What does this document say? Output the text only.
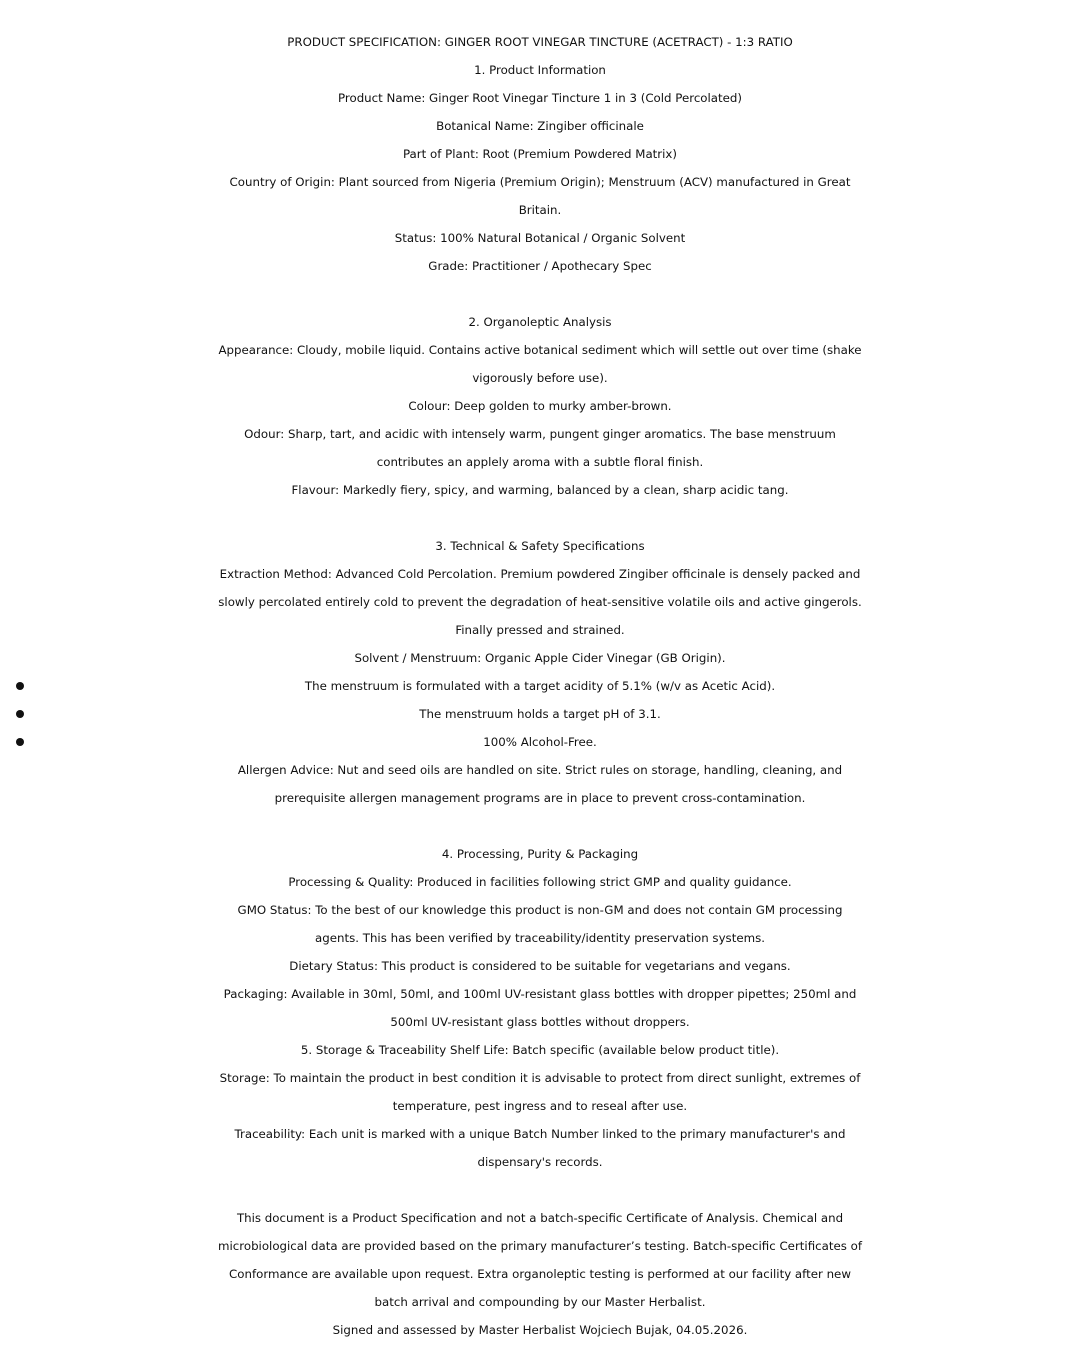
PRODUCT SPECIFICATION: GINGER ROOT VINEGAR TINCTURE (ACETRACT) - 1:3 RATIO

1. Product Information

Product Name: Ginger Root Vinegar Tincture 1 in 3 (Cold Percolated)

Botanical Name: Zingiber officinale

Part of Plant: Root (Premium Powdered Matrix)

Country of Origin: Plant sourced from Nigeria (Premium Origin); Menstruum (ACV) manufactured in Great

Britain.

Status: 100% Natural Botanical / Organic Solvent

Grade: Practitioner / Apothecary Spec

2. Organoleptic Analysis

Appearance: Cloudy, mobile liquid. Contains active botanical sediment which will settle out over time (shake

vigorously before use).

Colour: Deep golden to murky amber-brown.

Odour: Sharp, tart, and acidic with intensely warm, pungent ginger aromatics. The base menstruum

contributes an applely aroma with a subtle floral finish.

Flavour: Markedly fiery, spicy, and warming, balanced by a clean, sharp acidic tang.

3. Technical & Safety Specifications

Extraction Method: Advanced Cold Percolation. Premium powdered Zingiber officinale is densely packed and

slowly percolated entirely cold to prevent the degradation of heat-sensitive volatile oils and active gingerols.

Finally pressed and strained.

Solvent / Menstruum: Organic Apple Cider Vinegar (GB Origin).

The menstruum is formulated with a target acidity of 5.1% (w/v as Acetic Acid).
The menstruum holds a target pH of 3.1.
100% Alcohol-Free.

Allergen Advice: Nut and seed oils are handled on site. Strict rules on storage, handling, cleaning, and

prerequisite allergen management programs are in place to prevent cross-contamination.

4. Processing, Purity & Packaging

Processing & Quality: Produced in facilities following strict GMP and quality guidance.

GMO Status: To the best of our knowledge this product is non-GM and does not contain GM processing

agents. This has been verified by traceability/identity preservation systems.

Dietary Status: This product is considered to be suitable for vegetarians and vegans.

Packaging: Available in 30ml, 50ml, and 100ml UV-resistant glass bottles with dropper pipettes; 250ml and

500ml UV-resistant glass bottles without droppers.

5. Storage & Traceability Shelf Life: Batch specific (available below product title).

Storage: To maintain the product in best condition it is advisable to protect from direct sunlight, extremes of

temperature, pest ingress and to reseal after use.

Traceability: Each unit is marked with a unique Batch Number linked to the primary manufacturer's and

dispensary's records.

This document is a Product Specification and not a batch-specific Certificate of Analysis. Chemical and

microbiological data are provided based on the primary manufacturer’s testing. Batch-specific Certificates of

Conformance are available upon request. Extra organoleptic testing is performed at our facility after new

batch arrival and compounding by our Master Herbalist.

Signed and assessed by Master Herbalist Wojciech Bujak, 04.05.2026.
